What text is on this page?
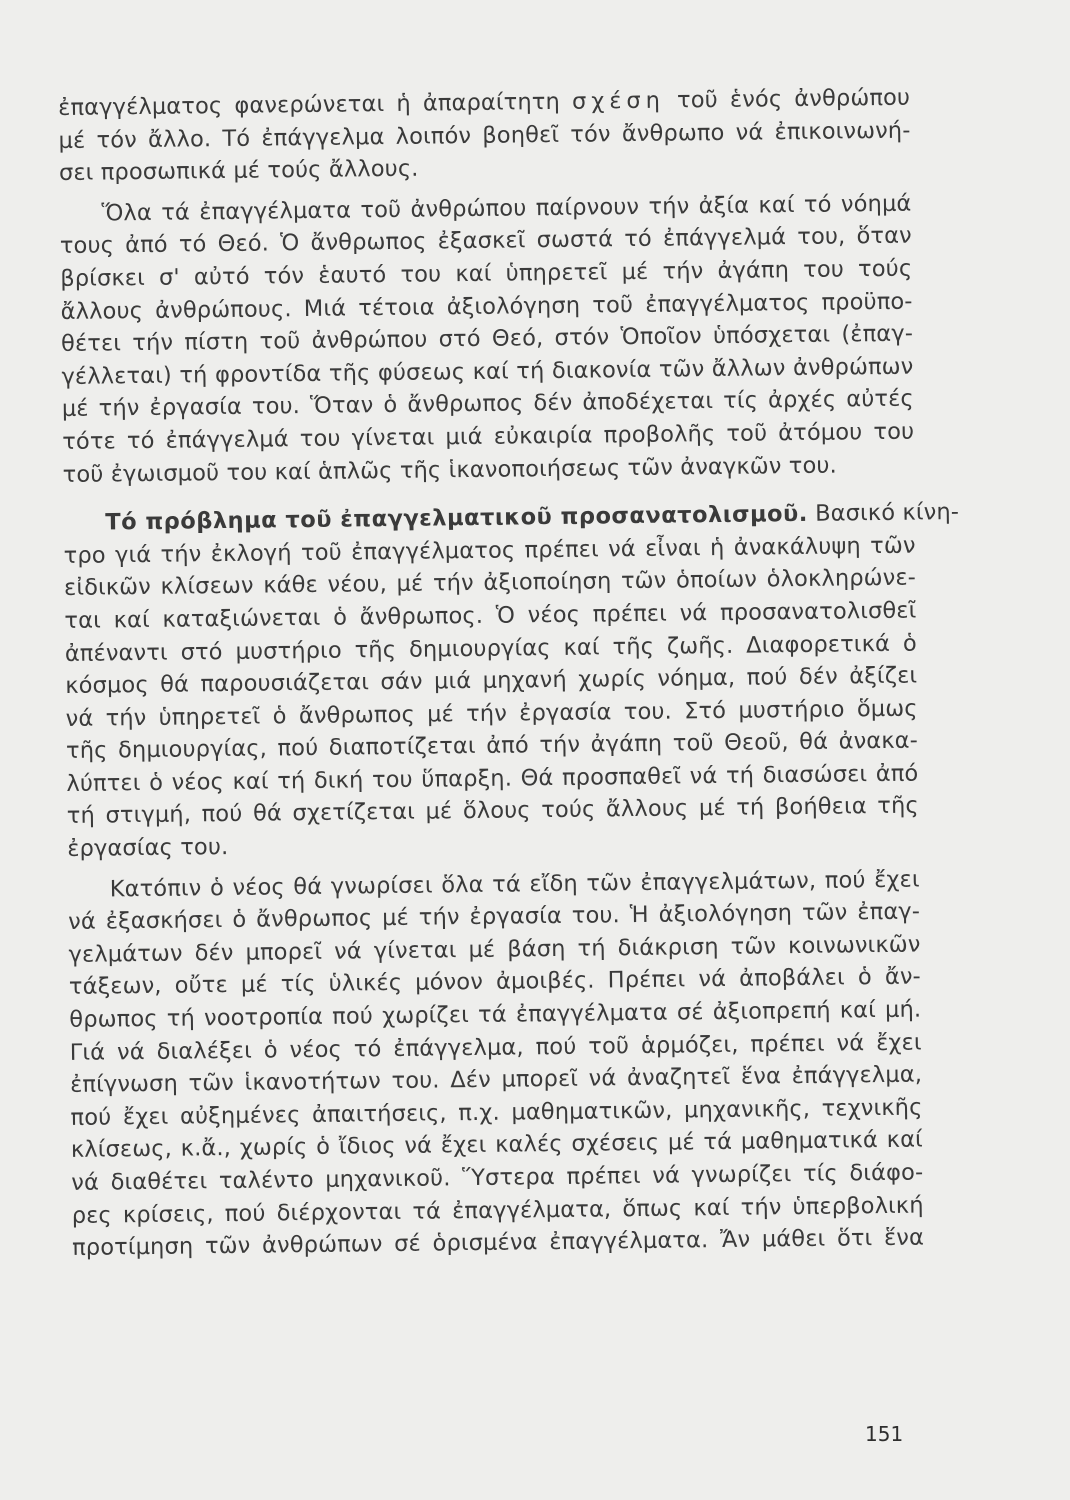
ἐπαγγέλματος φανερώνεται ἡ ἀπαραίτητη σχέση τοῦ ἑνός ἀνθρώπου
μέ τόν ἄλλο. Τό ἐπάγγελμα λοιπόν βοηθεῖ τόν ἄνθρωπο νά ἐπικοινωνή-
σει προσωπικά μέ τούς ἄλλους.
Ὅλα τά ἐπαγγέλματα τοῦ ἀνθρώπου παίρνουν τήν ἀξία καί τό νόημά
τους ἀπό τό Θεό. Ὁ ἄνθρωπος ἐξασκεῖ σωστά τό ἐπάγγελμά του, ὅταν
βρίσκει σ' αὐτό τόν ἑαυτό του καί ὑπηρετεῖ μέ τήν ἀγάπη του τούς
ἄλλους ἀνθρώπους. Μιά τέτοια ἀξιολόγηση τοῦ ἐπαγγέλματος προϋπο-
θέτει τήν πίστη τοῦ ἀνθρώπου στό Θεό, στόν Ὁποῖον ὑπόσχεται (ἐπαγ-
γέλλεται) τή φροντίδα τῆς φύσεως καί τή διακονία τῶν ἄλλων ἀνθρώπων
μέ τήν ἐργασία του. Ὅταν ὁ ἄνθρωπος δέν ἀποδέχεται τίς ἀρχές αὐτές
τότε τό ἐπάγγελμά του γίνεται μιά εὐκαιρία προβολῆς τοῦ ἀτόμου του
τοῦ ἐγωισμοῦ του καί ἁπλῶς τῆς ἱκανοποιήσεως τῶν ἀναγκῶν του.
Τό πρόβλημα τοῦ ἐπαγγελματικοῦ προσανατολισμοῦ. Βασικό κίνη-
τρο γιά τήν ἐκλογή τοῦ ἐπαγγέλματος πρέπει νά εἶναι ἡ ἀνακάλυψη τῶν
εἰδικῶν κλίσεων κάθε νέου, μέ τήν ἀξιοποίηση τῶν ὁποίων ὁλοκληρώνε-
ται καί καταξιώνεται ὁ ἄνθρωπος. Ὁ νέος πρέπει νά προσανατολισθεῖ
ἀπέναντι στό μυστήριο τῆς δημιουργίας καί τῆς ζωῆς. Διαφορετικά ὁ
κόσμος θά παρουσιάζεται σάν μιά μηχανή χωρίς νόημα, πού δέν ἀξίζει
νά τήν ὑπηρετεῖ ὁ ἄνθρωπος μέ τήν ἐργασία του. Στό μυστήριο ὅμως
τῆς δημιουργίας, πού διαποτίζεται ἀπό τήν ἀγάπη τοῦ Θεοῦ, θά ἀνακα-
λύπτει ὁ νέος καί τή δική του ὕπαρξη. Θά προσπαθεῖ νά τή διασώσει ἀπό
τή στιγμή, πού θά σχετίζεται μέ ὅλους τούς ἄλλους μέ τή βοήθεια τῆς
ἐργασίας του.
Κατόπιν ὁ νέος θά γνωρίσει ὅλα τά εἴδη τῶν ἐπαγγελμάτων, πού ἔχει
νά ἐξασκήσει ὁ ἄνθρωπος μέ τήν ἐργασία του. Ἡ ἀξιολόγηση τῶν ἐπαγ-
γελμάτων δέν μπορεῖ νά γίνεται μέ βάση τή διάκριση τῶν κοινωνικῶν
τάξεων, οὔτε μέ τίς ὑλικές μόνον ἀμοιβές. Πρέπει νά ἀποβάλει ὁ ἄν-
θρωπος τή νοοτροπία πού χωρίζει τά ἐπαγγέλματα σέ ἀξιοπρεπή καί μή.
Γιά νά διαλέξει ὁ νέος τό ἐπάγγελμα, πού τοῦ ἁρμόζει, πρέπει νά ἔχει
ἐπίγνωση τῶν ἱκανοτήτων του. Δέν μπορεῖ νά ἀναζητεῖ ἕνα ἐπάγγελμα,
πού ἔχει αὐξημένες ἀπαιτήσεις, π.χ. μαθηματικῶν, μηχανικῆς, τεχνικῆς
κλίσεως, κ.ἄ., χωρίς ὁ ἴδιος νά ἔχει καλές σχέσεις μέ τά μαθηματικά καί
νά διαθέτει ταλέντο μηχανικοῦ. Ὕστερα πρέπει νά γνωρίζει τίς διάφο-
ρες κρίσεις, πού διέρχονται τά ἐπαγγέλματα, ὅπως καί τήν ὑπερβολική
προτίμηση τῶν ἀνθρώπων σέ ὁρισμένα ἐπαγγέλματα. Ἄν μάθει ὅτι ἕνα
151
